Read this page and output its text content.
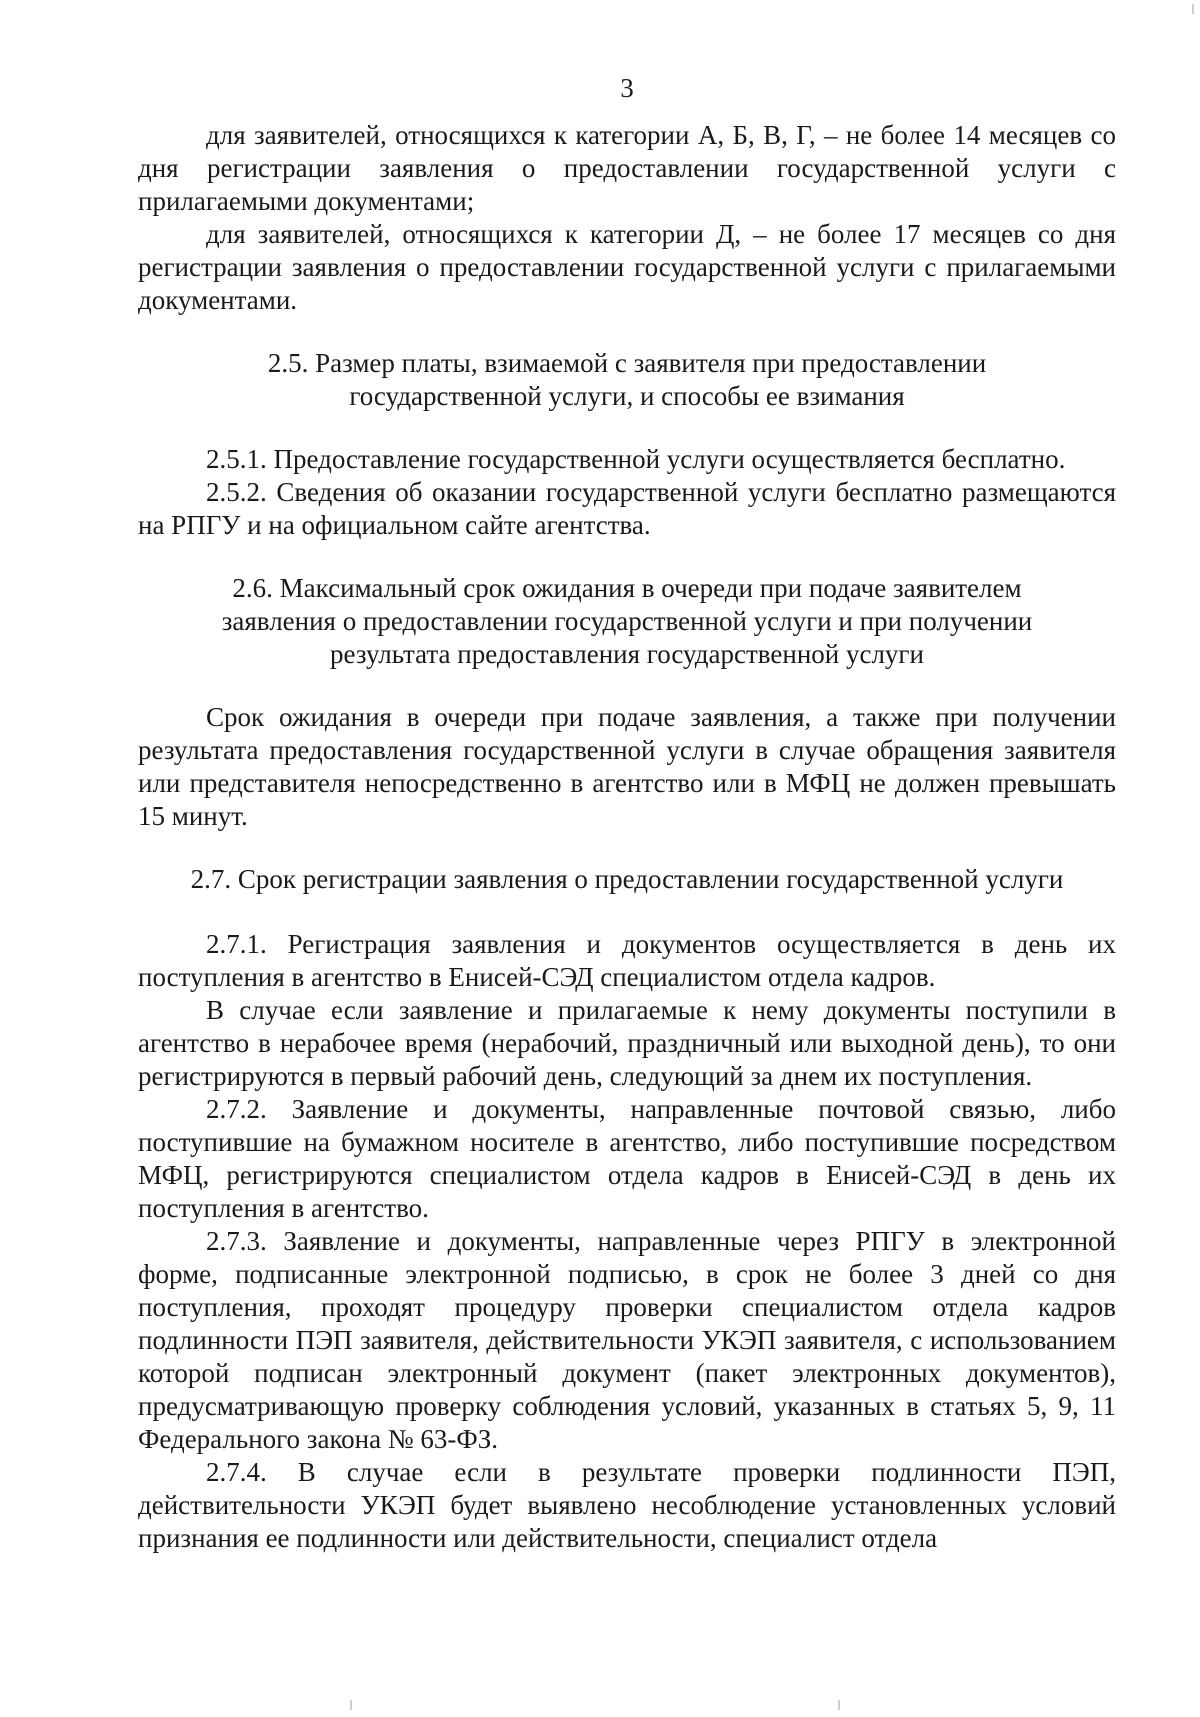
3

для заявителей, относящихся к категории А, Б, В, Г, – не более 14 месяцев со дня регистрации заявления о предоставлении государственной услуги с прилагаемыми документами;

для заявителей, относящихся к категории Д, – не более 17 месяцев со дня регистрации заявления о предоставлении государственной услуги с прилагаемыми документами.

2.5. Размер платы, взимаемой с заявителя при предоставлении
государственной услуги, и способы ее взимания

2.5.1. Предоставление государственной услуги осуществляется бесплатно.

2.5.2. Сведения об оказании государственной услуги бесплатно размещаются на РПГУ и на официальном сайте агентства.

2.6. Максимальный срок ожидания в очереди при подаче заявителем
заявления о предоставлении государственной услуги и при получении
результата предоставления государственной услуги

Срок ожидания в очереди при подаче заявления, а также при получении результата предоставления государственной услуги в случае обращения заявителя или представителя непосредственно в агентство или в МФЦ не должен превышать 15 минут.

2.7. Срок регистрации заявления о предоставлении государственной услуги

2.7.1. Регистрация заявления и документов осуществляется в день их поступления в агентство в Енисей-СЭД специалистом отдела кадров.

В случае если заявление и прилагаемые к нему документы поступили в агентство в нерабочее время (нерабочий, праздничный или выходной день), то они регистрируются в первый рабочий день, следующий за днем их поступления.

2.7.2. Заявление и документы, направленные почтовой связью, либо поступившие на бумажном носителе в агентство, либо поступившие посредством МФЦ, регистрируются специалистом отдела кадров в Енисей-СЭД в день их поступления в агентство.

2.7.3. Заявление и документы, направленные через РПГУ в электронной форме, подписанные электронной подписью, в срок не более 3 дней со дня поступления, проходят процедуру проверки специалистом отдела кадров подлинности ПЭП заявителя, действительности УКЭП заявителя, с использованием которой подписан электронный документ (пакет электронных документов), предусматривающую проверку соблюдения условий, указанных в статьях 5, 9, 11 Федерального закона № 63-ФЗ.

2.7.4. В случае если в результате проверки подлинности ПЭП, действительности УКЭП будет выявлено несоблюдение установленных условий признания ее подлинности или действительности, специалист отдела
